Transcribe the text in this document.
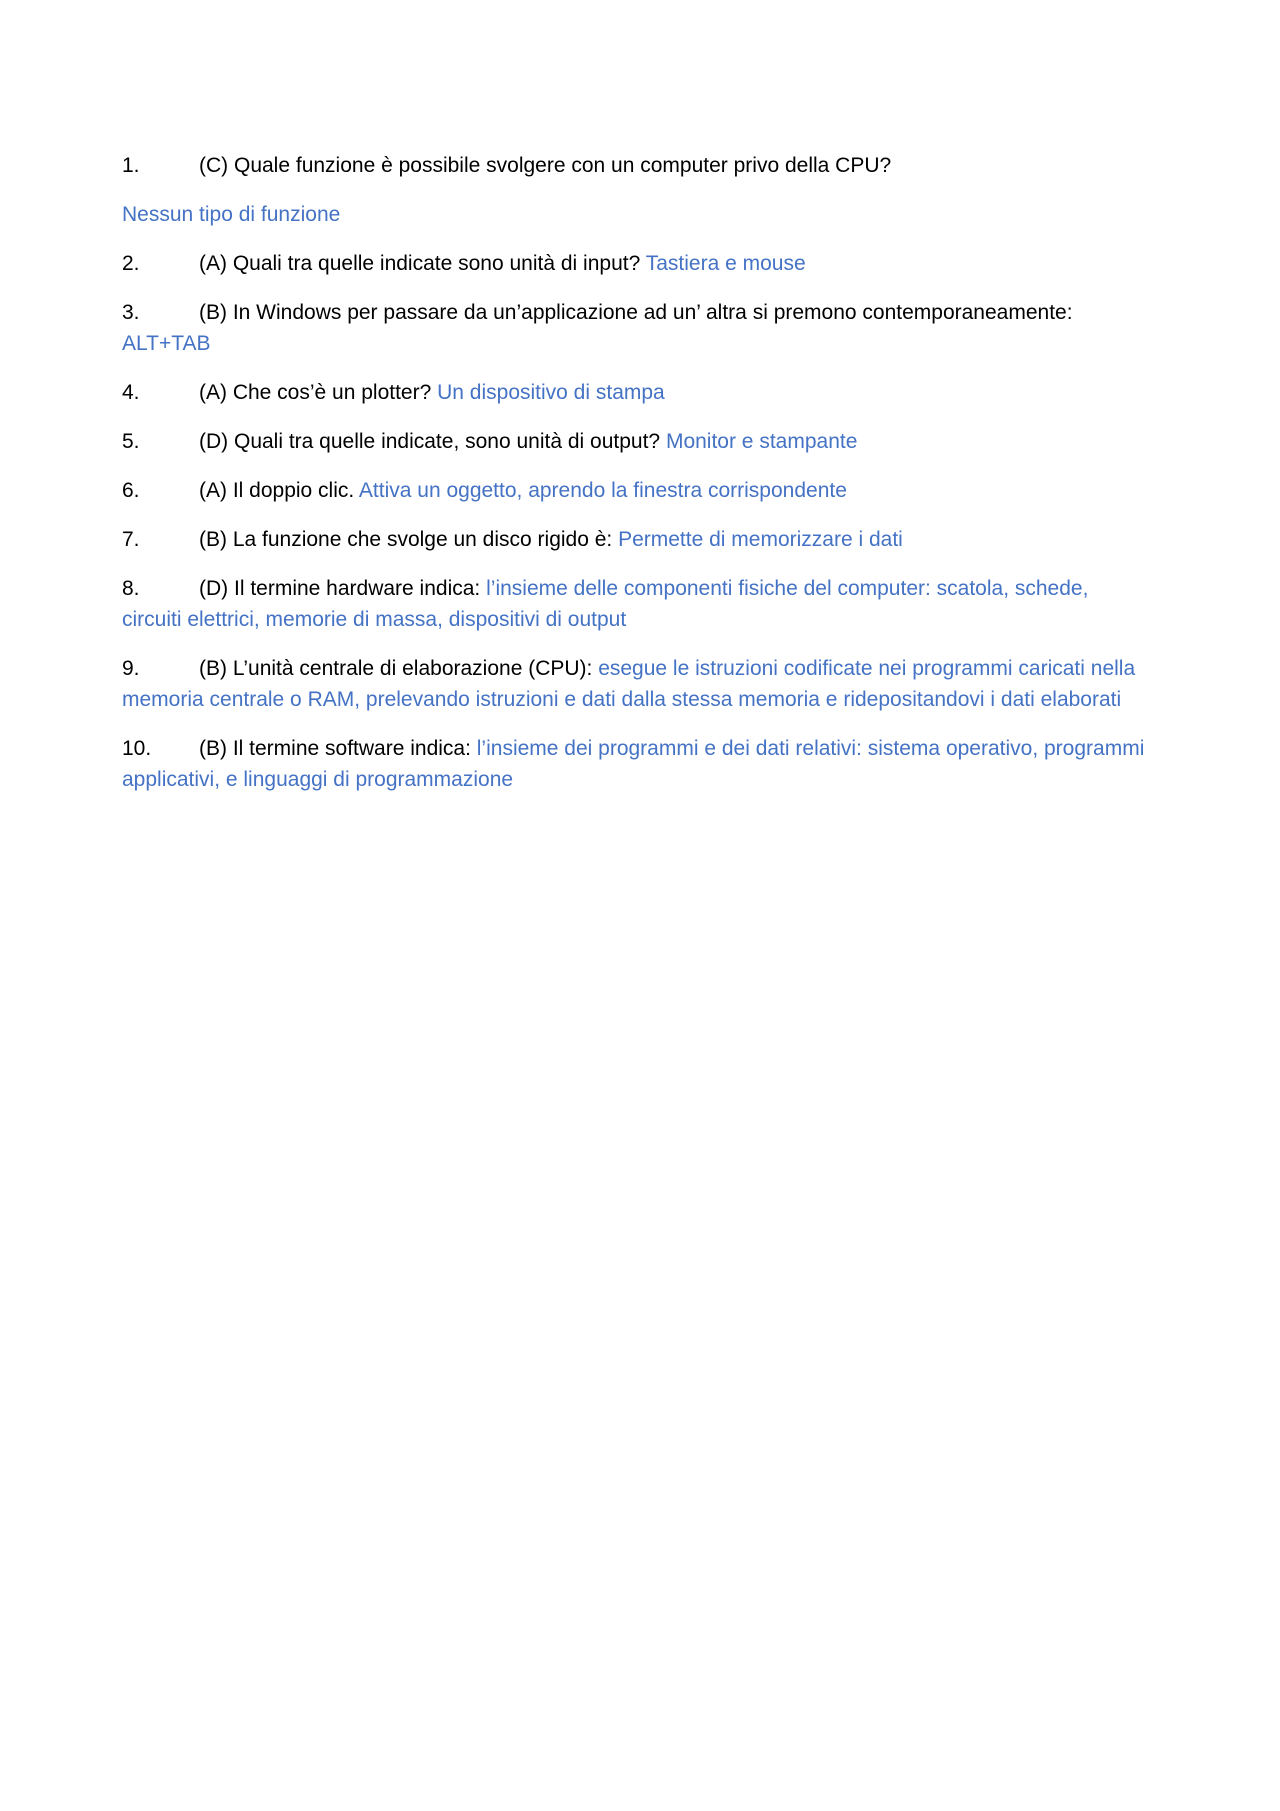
1.	(C) Quale funzione è possibile svolgere con un computer privo della CPU?

Nessun tipo di funzione

2.	(A) Quali tra quelle indicate sono unità di input? Tastiera e mouse

3.	(B) In Windows per passare da un’applicazione ad un’ altra si premono contemporaneamente: ALT+TAB

4.	(A) Che cos’è un plotter? Un dispositivo di stampa

5.	(D) Quali tra quelle indicate, sono unità di output? Monitor e stampante

6.	(A) Il doppio clic. Attiva un oggetto, aprendo la finestra corrispondente

7.	(B) La funzione che svolge un disco rigido è: Permette di memorizzare i dati

8.	(D) Il termine hardware indica: l’insieme delle componenti fisiche del computer: scatola, schede, circuiti elettrici, memorie di massa, dispositivi di output

9.	(B) L’unità centrale di elaborazione (CPU): esegue le istruzioni codificate nei programmi caricati nella memoria centrale o RAM, prelevando istruzioni e dati dalla stessa memoria e ridepositandovi i dati elaborati

10. (B) Il termine software indica: l’insieme dei programmi e dei dati relativi: sistema operativo, programmi applicativi, e linguaggi di programmazione
